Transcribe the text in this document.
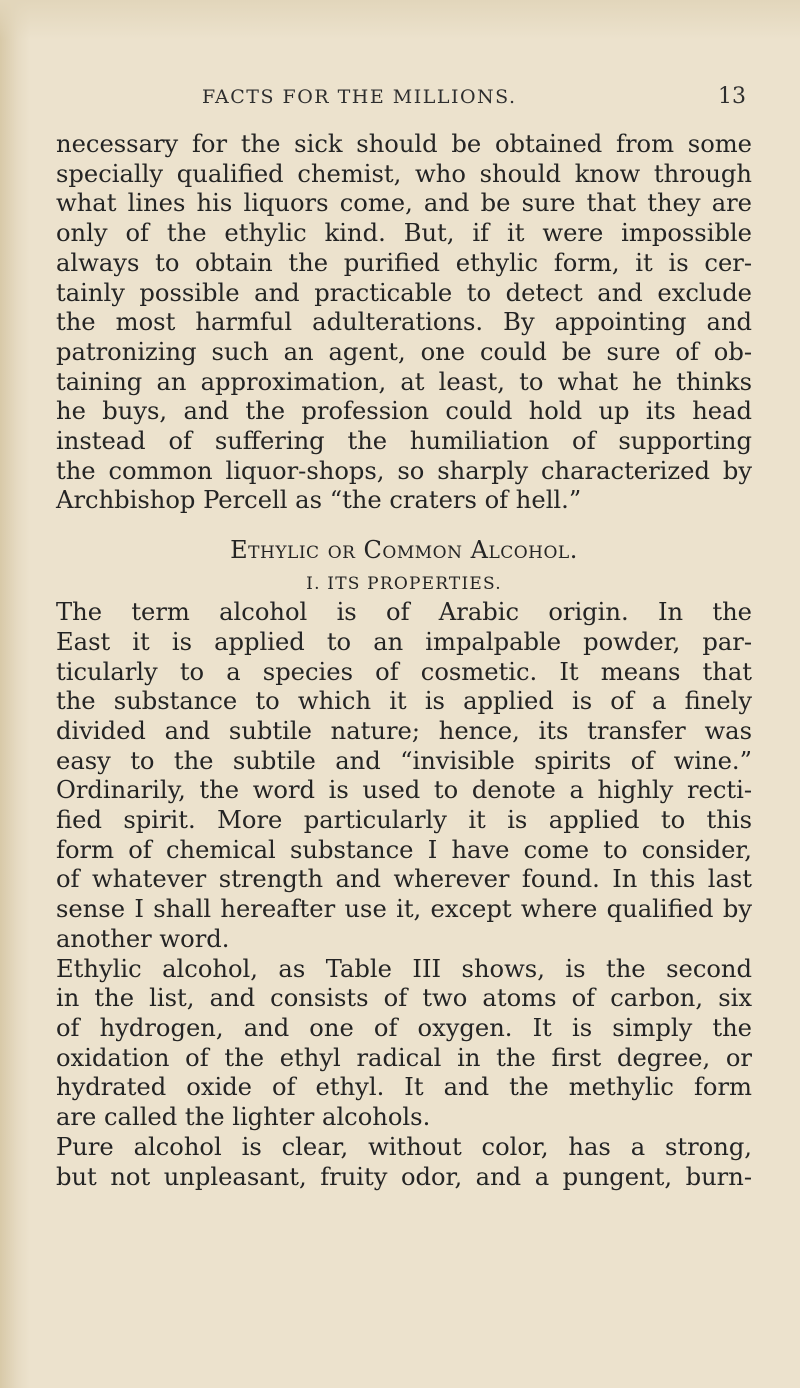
FACTS FOR THE MILLIONS.	13

necessary for the sick should be obtained from some
specially qualified chemist, who should know through
what lines his liquors come, and be sure that they are
only of the ethylic kind. But, if it were impossible
always to obtain the purified ethylic form, it is cer-
tainly possible and practicable to detect and exclude
the most harmful adulterations. By appointing and
patronizing such an agent, one could be sure of ob-
taining an approximation, at least, to what he thinks
he buys, and the profession could hold up its head
instead of suffering the humiliation of supporting
the common liquor-shops, so sharply characterized by
Archbishop Percell as “the craters of hell.”

Ethylic or Common Alcohol.
I. ITS PROPERTIES.

The term alcohol is of Arabic origin. In the
East it is applied to an impalpable powder, par-
ticularly to a species of cosmetic. It means that
the substance to which it is applied is of a finely
divided and subtile nature; hence, its transfer was
easy to the subtile and “invisible spirits of wine.”
Ordinarily, the word is used to denote a highly recti-
fied spirit. More particularly it is applied to this
form of chemical substance I have come to consider,
of whatever strength and wherever found. In this last
sense I shall hereafter use it, except where qualified by
another word.

Ethylic alcohol, as Table III shows, is the second
in the list, and consists of two atoms of carbon, six
of hydrogen, and one of oxygen. It is simply the
oxidation of the ethyl radical in the first degree, or
hydrated oxide of ethyl. It and the methylic form
are called the lighter alcohols.

Pure alcohol is clear, without color, has a strong,
but not unpleasant, fruity odor, and a pungent, burn-
